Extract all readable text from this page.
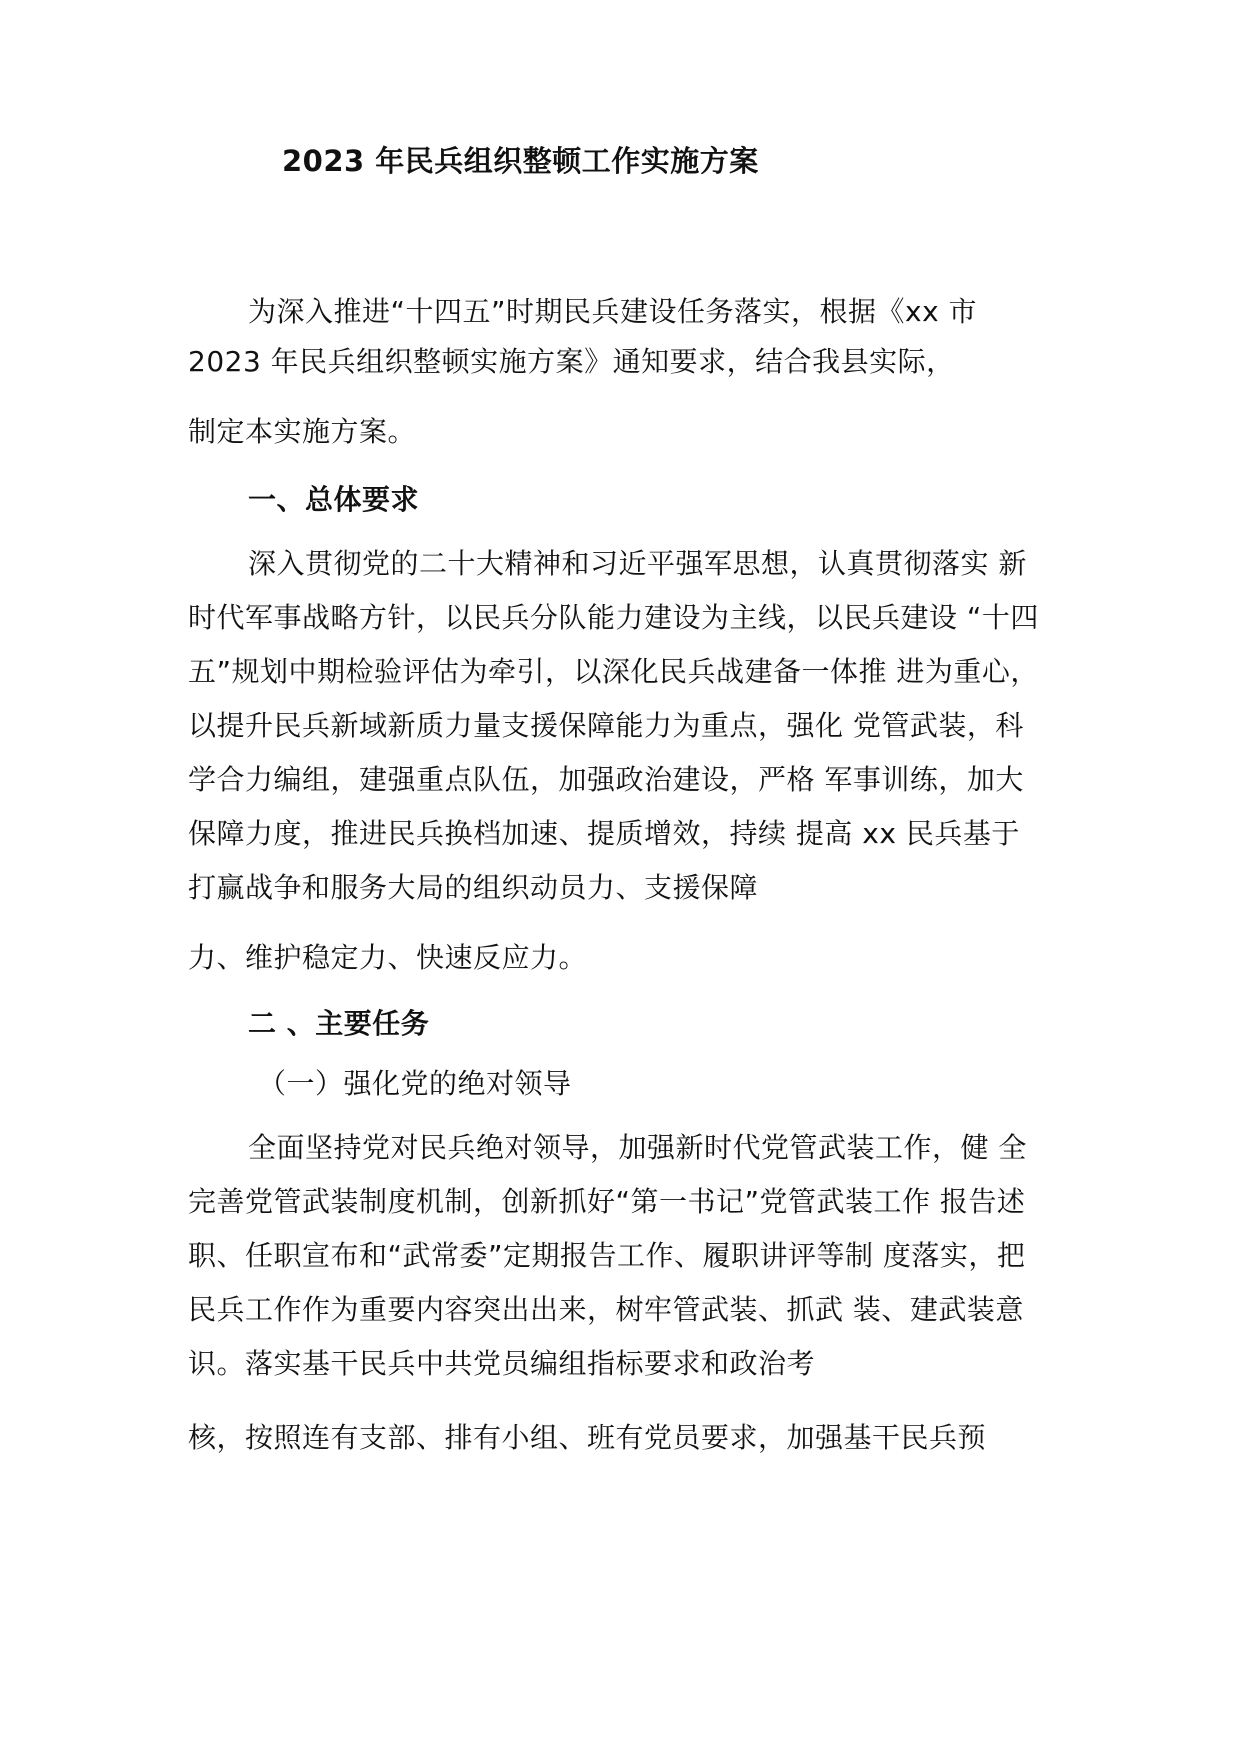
2023 年民兵组织整顿工作实施方案
为深入推进“十四五”时期民兵建设任务落实，根据《xx 市
2023 年民兵组织整顿实施方案》通知要求，结合我县实际，
制定本实施方案。
一、总体要求
深入贯彻党的二十大精神和习近平强军思想，认真贯彻落实 新
时代军事战略方针，以民兵分队能力建设为主线，以民兵建设 “十四
五”规划中期检验评估为牵引，以深化民兵战建备一体推 进为重心，
以提升民兵新域新质力量支援保障能力为重点，强化 党管武装，科
学合力编组，建强重点队伍，加强政治建设，严格 军事训练，加大
保障力度，推进民兵换档加速、提质增效，持续 提高 xx 民兵基于
打赢战争和服务大局的组织动员力、支援保障
力、维护稳定力、快速反应力。
二 、主要任务
（一）强化党的绝对领导
全面坚持党对民兵绝对领导，加强新时代党管武装工作，健 全
完善党管武装制度机制，创新抓好“第一书记”党管武装工作 报告述
职、任职宣布和“武常委”定期报告工作、履职讲评等制 度落实，把
民兵工作作为重要内容突出出来，树牢管武装、抓武 装、建武装意
识。落实基干民兵中共党员编组指标要求和政治考
核，按照连有支部、排有小组、班有党员要求，加强基干民兵预
